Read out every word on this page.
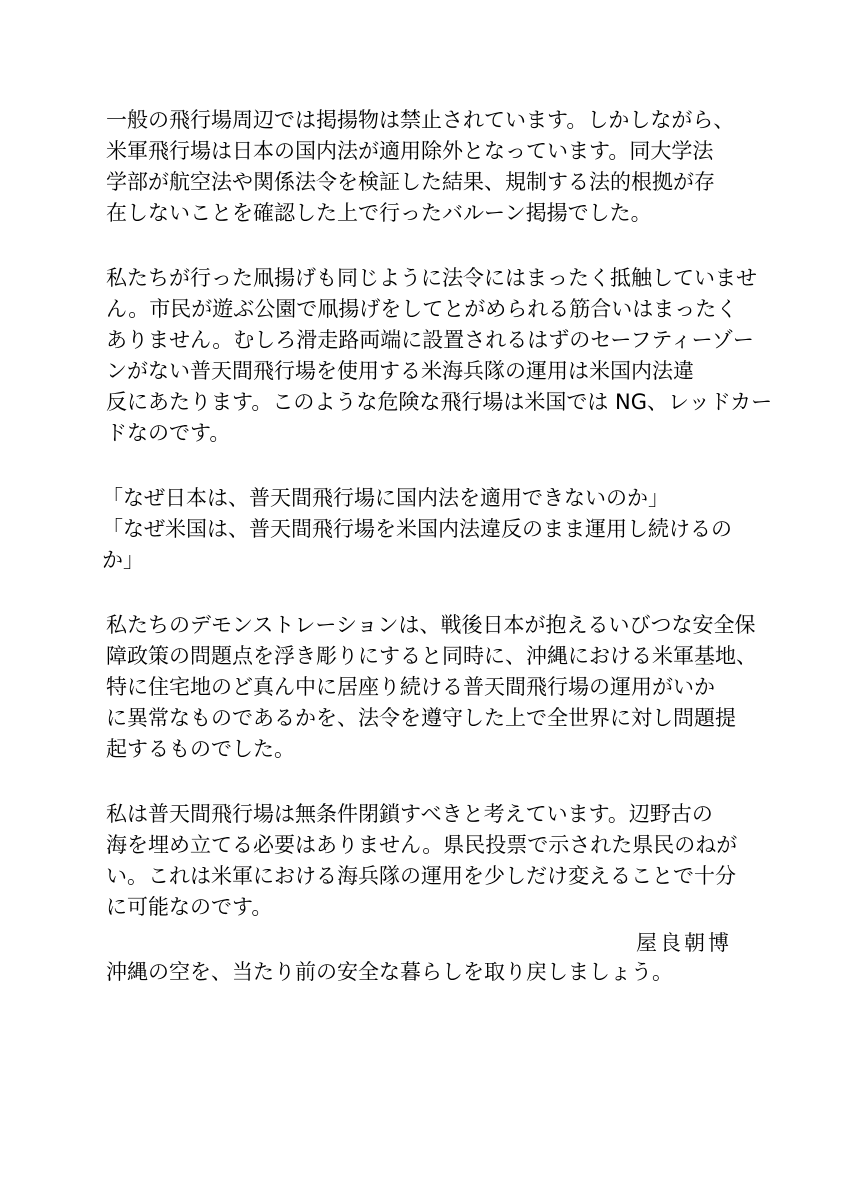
一般の飛行場周辺では掲揚物は禁止されています。しかしながら、
米軍飛行場は日本の国内法が適用除外となっています。同大学法
学部が航空法や関係法令を検証した結果、規制する法的根拠が存
在しないことを確認した上で行ったバルーン掲揚でした。
私たちが行った凧揚げも同じように法令にはまったく抵触していませ
ん。市民が遊ぶ公園で凧揚げをしてとがめられる筋合いはまったく
ありません。むしろ滑走路両端に設置されるはずのセーフティーゾー
ンがない普天間飛行場を使用する米海兵隊の運用は米国内法違
反にあたります。このような危険な飛行場は米国では NG、レッドカー
ドなのです。
「なぜ日本は、普天間飛行場に国内法を適用できないのか」
「なぜ米国は、普天間飛行場を米国内法違反のまま運用し続けるの
か」
私たちのデモンストレーションは、戦後日本が抱えるいびつな安全保
障政策の問題点を浮き彫りにすると同時に、沖縄における米軍基地、
特に住宅地のど真ん中に居座り続ける普天間飛行場の運用がいか
に異常なものであるかを、法令を遵守した上で全世界に対し問題提
起するものでした。
私は普天間飛行場は無条件閉鎖すべきと考えています。辺野古の
海を埋め立てる必要はありません。県民投票で示された県民のねが
い。これは米軍における海兵隊の運用を少しだけ変えることで十分
に可能なのです。
沖縄の空を、当たり前の安全な暮らしを取り戻しましょう。
屋良朝博
